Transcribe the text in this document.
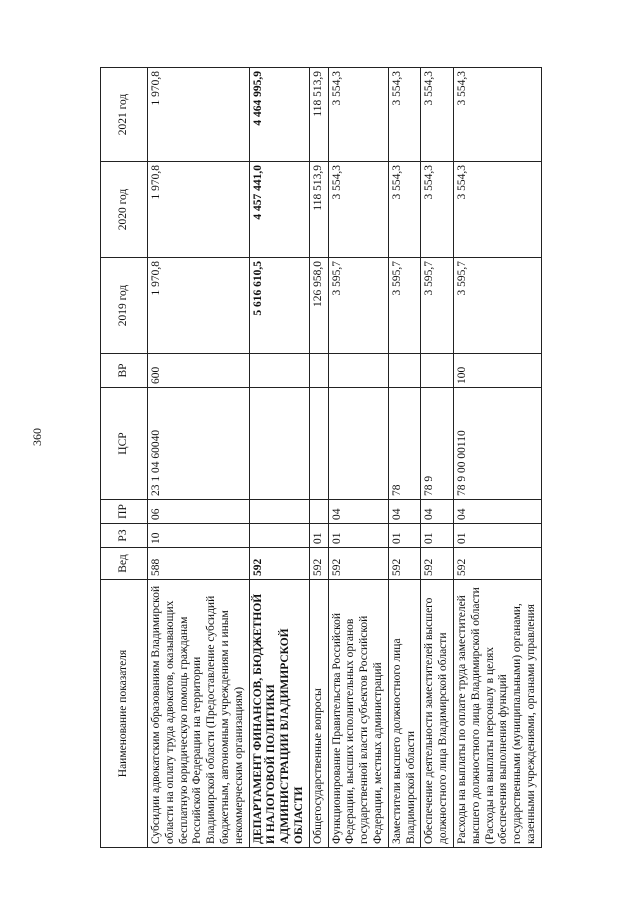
360
Наименование показателя	Вед	РЗ	ПР	ЦСР	ВР	2019 год	2020 год	2021 год
Субсидии адвокатским образованиям Владимирской области на оплату труда адвокатов, оказывающих бесплатную юридическую помощь гражданам Российской Федерации на территории Владимирской области (Предоставление субсидий бюджетным, автономным учреждениям и иным некоммерческим организациям)	588	10	06	23 1 04 60040	600	1 970,8	1 970,8	1 970,8
ДЕПАРТАМЕНТ ФИНАНСОВ, БЮДЖЕТНОЙ И НАЛОГОВОЙ ПОЛИТИКИ АДМИНИСТРАЦИИ ВЛАДИМИРСКОЙ ОБЛАСТИ	592					5 616 610,5	4 457 441,0	4 464 995,9
Общегосударственные вопросы	592	01				126 958,0	118 513,9	118 513,9
Функционирование Правительства Российской Федерации, высших исполнительных органов государственной власти субъектов Российской Федерации, местных администраций	592	01	04			3 595,7	3 554,3	3 554,3
Заместители высшего должностного лица Владимирской области	592	01	04	78		3 595,7	3 554,3	3 554,3
Обеспечение деятельности заместителей высшего должностного лица Владимирской области	592	01	04	78 9		3 595,7	3 554,3	3 554,3
Расходы на выплаты по оплате труда заместителей высшего должностного лица Владимирской области (Расходы на выплаты персоналу в целях обеспечения выполнения функций государственными (муниципальными) органами, казенными учреждениями, органами управления	592	01	04	78 9 00 00110	100	3 595,7	3 554,3	3 554,3
